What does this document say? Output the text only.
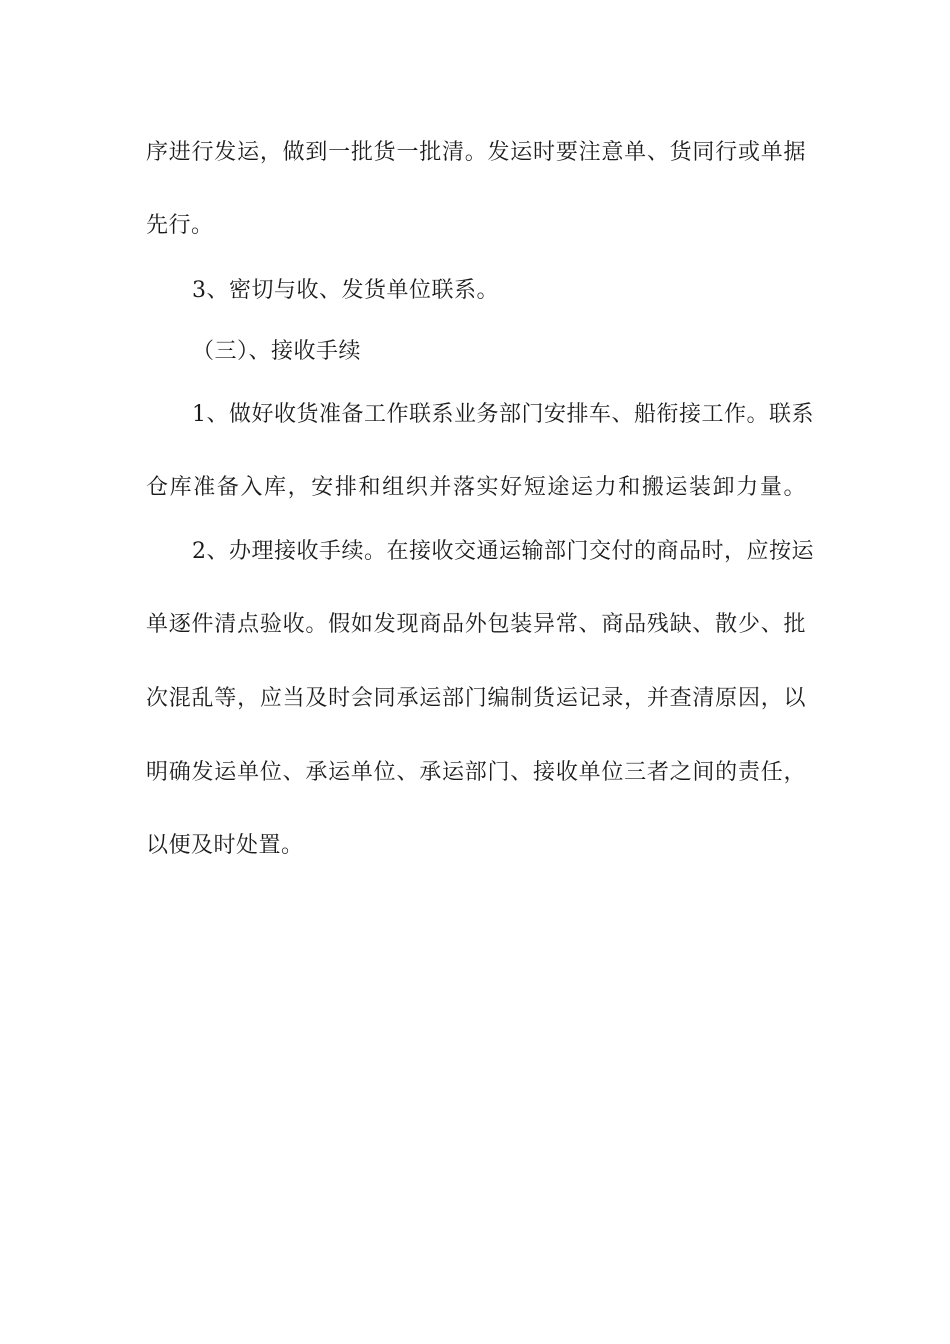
序进行发运，做到一批货一批清。发运时要注意单、货同行或单据
先行。
3、密切与收、发货单位联系。
（三）、接收手续
1、做好收货准备工作联系业务部门安排车、船衔接工作。联系
仓库准备入库，安排和组织并落实好短途运力和搬运装卸力量。
2、办理接收手续。在接收交通运输部门交付的商品时，应按运
单逐件清点验收。假如发现商品外包装异常、商品残缺、散少、批
次混乱等，应当及时会同承运部门编制货运记录，并查清原因，以
明确发运单位、承运单位、承运部门、接收单位三者之间的责任，
以便及时处置。
